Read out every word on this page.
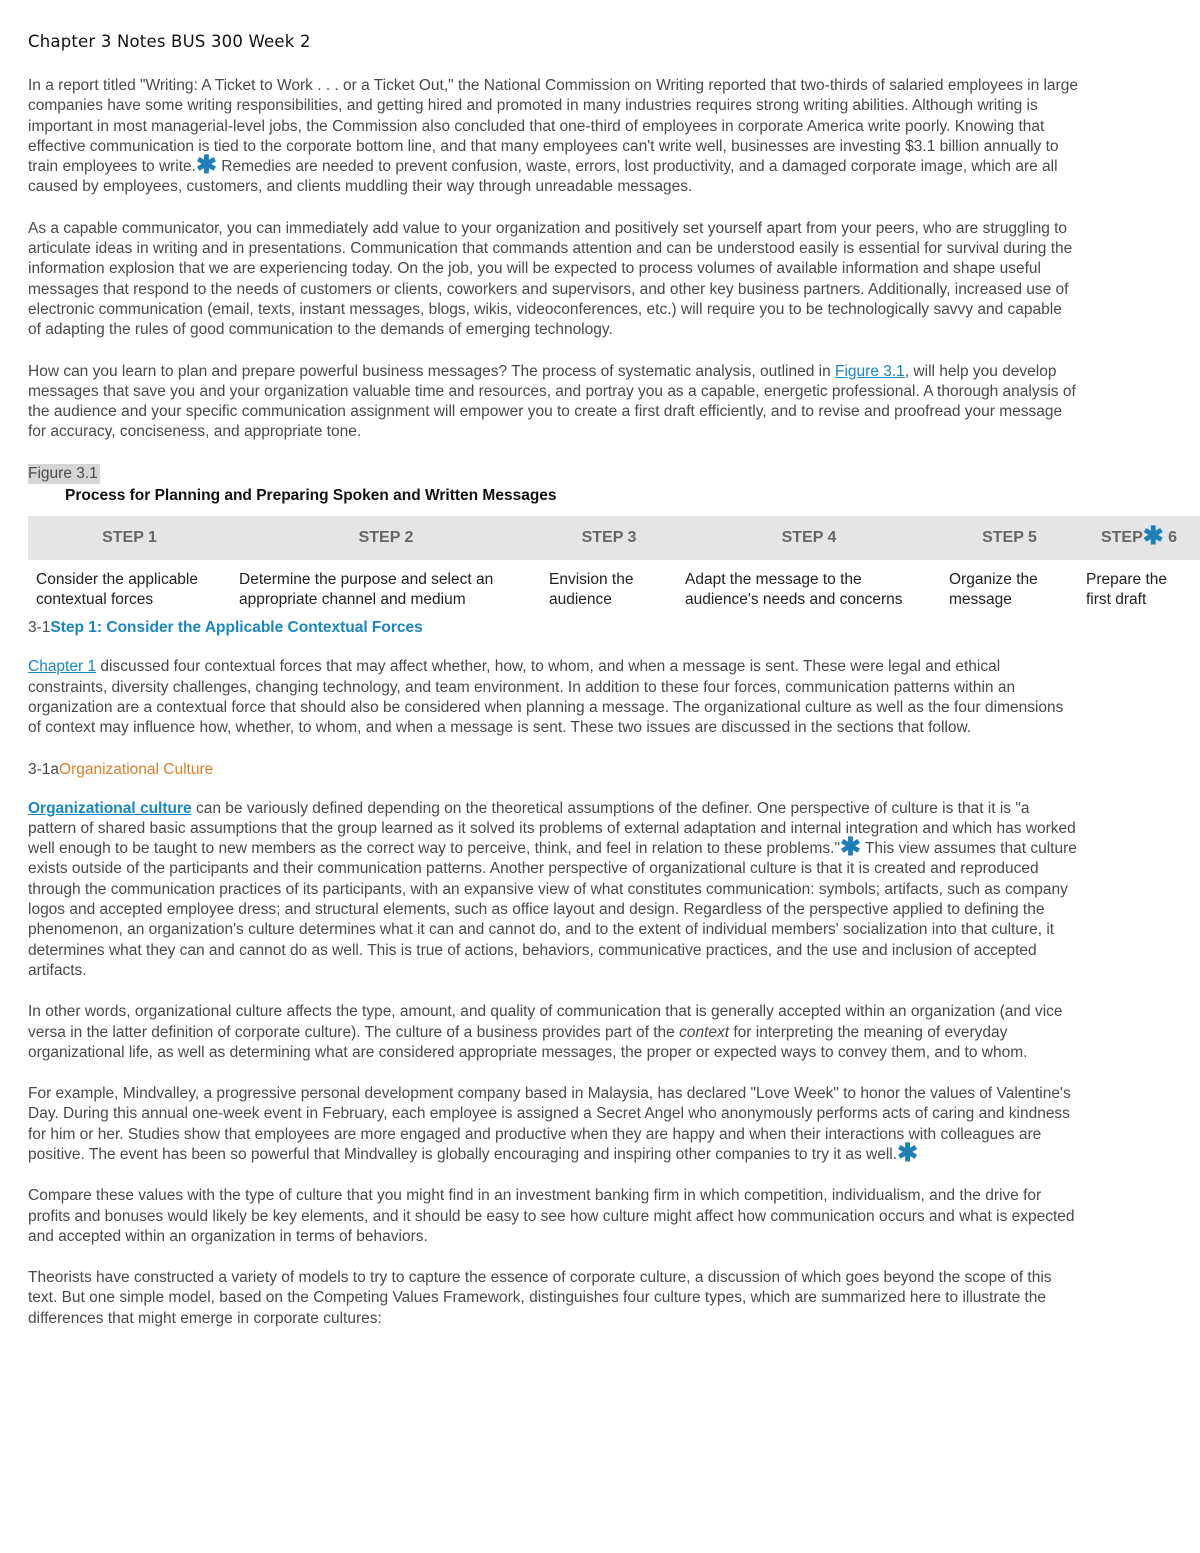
Chapter 3 Notes BUS 300 Week 2

In a report titled "Writing: A Ticket to Work . . . or a Ticket Out," the National Commission on Writing reported that two-thirds of salaried employees in large companies have some writing responsibilities, and getting hired and promoted in many industries requires strong writing abilities. Although writing is important in most managerial-level jobs, the Commission also concluded that one-third of employees in corporate America write poorly. Knowing that effective communication is tied to the corporate bottom line, and that many employees can't write well, businesses are investing $3.1 billion annually to train employees to write.✱ Remedies are needed to prevent confusion, waste, errors, lost productivity, and a damaged corporate image, which are all caused by employees, customers, and clients muddling their way through unreadable messages.

As a capable communicator, you can immediately add value to your organization and positively set yourself apart from your peers, who are struggling to articulate ideas in writing and in presentations. Communication that commands attention and can be understood easily is essential for survival during the information explosion that we are experiencing today. On the job, you will be expected to process volumes of available information and shape useful messages that respond to the needs of customers or clients, coworkers and supervisors, and other key business partners. Additionally, increased use of electronic communication (email, texts, instant messages, blogs, wikis, videoconferences, etc.) will require you to be technologically savvy and capable of adapting the rules of good communication to the demands of emerging technology.

How can you learn to plan and prepare powerful business messages? The process of systematic analysis, outlined in Figure 3.1, will help you develop messages that save you and your organization valuable time and resources, and portray you as a capable, energetic professional. A thorough analysis of the audience and your specific communication assignment will empower you to create a first draft efficiently, and to revise and proofread your message for accuracy, conciseness, and appropriate tone.

Figure 3.1
Process for Planning and Preparing Spoken and Written Messages
STEP 1	STEP 2	STEP 3	STEP 4	STEP 5	STEP✱ 6
Consider the applicable contextual forces	Determine the purpose and select an appropriate channel and medium	Envision the audience	Adapt the message to the audience's needs and concerns	Organize the message	Prepare the first draft
3-1Step 1: Consider the Applicable Contextual Forces

Chapter 1 discussed four contextual forces that may affect whether, how, to whom, and when a message is sent. These were legal and ethical constraints, diversity challenges, changing technology, and team environment. In addition to these four forces, communication patterns within an organization are a contextual force that should also be considered when planning a message. The organizational culture as well as the four dimensions of context may influence how, whether, to whom, and when a message is sent. These two issues are discussed in the sections that follow.

3-1aOrganizational Culture

Organizational culture can be variously defined depending on the theoretical assumptions of the definer. One perspective of culture is that it is "a pattern of shared basic assumptions that the group learned as it solved its problems of external adaptation and internal integration and which has worked well enough to be taught to new members as the correct way to perceive, think, and feel in relation to these problems."✱ This view assumes that culture exists outside of the participants and their communication patterns. Another perspective of organizational culture is that it is created and reproduced through the communication practices of its participants, with an expansive view of what constitutes communication: symbols; artifacts, such as company logos and accepted employee dress; and structural elements, such as office layout and design. Regardless of the perspective applied to defining the phenomenon, an organization's culture determines what it can and cannot do, and to the extent of individual members' socialization into that culture, it determines what they can and cannot do as well. This is true of actions, behaviors, communicative practices, and the use and inclusion of accepted artifacts.

In other words, organizational culture affects the type, amount, and quality of communication that is generally accepted within an organization (and vice versa in the latter definition of corporate culture). The culture of a business provides part of the context for interpreting the meaning of everyday organizational life, as well as determining what are considered appropriate messages, the proper or expected ways to convey them, and to whom.

For example, Mindvalley, a progressive personal development company based in Malaysia, has declared "Love Week" to honor the values of Valentine's Day. During this annual one-week event in February, each employee is assigned a Secret Angel who anonymously performs acts of caring and kindness for him or her. Studies show that employees are more engaged and productive when they are happy and when their interactions with colleagues are positive. The event has been so powerful that Mindvalley is globally encouraging and inspiring other companies to try it as well.✱

Compare these values with the type of culture that you might find in an investment banking firm in which competition, individualism, and the drive for profits and bonuses would likely be key elements, and it should be easy to see how culture might affect how communication occurs and what is expected and accepted within an organization in terms of behaviors.

Theorists have constructed a variety of models to try to capture the essence of corporate culture, a discussion of which goes beyond the scope of this text. But one simple model, based on the Competing Values Framework, distinguishes four culture types, which are summarized here to illustrate the differences that might emerge in corporate cultures:
